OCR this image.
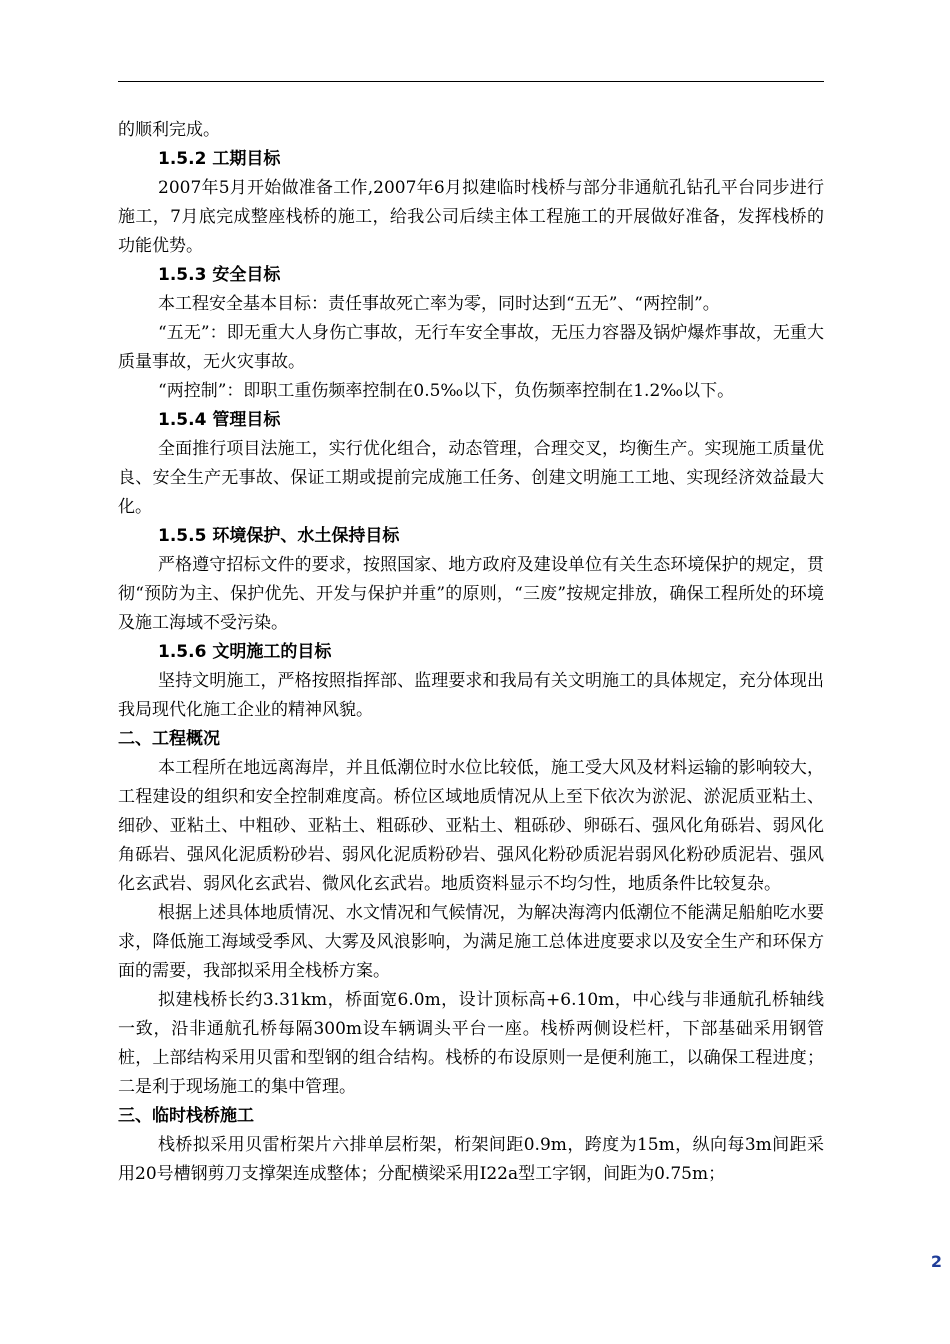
的顺利完成。
1.5.2 工期目标
2007年5月开始做准备工作,2007年6月拟建临时栈桥与部分非通航孔钻孔平台同步进行施工，7月底完成整座栈桥的施工，给我公司后续主体工程施工的开展做好准备，发挥栈桥的功能优势。
1.5.3 安全目标
本工程安全基本目标：责任事故死亡率为零，同时达到“五无”、“两控制”。
“五无”：即无重大人身伤亡事故，无行车安全事故，无压力容器及锅炉爆炸事故，无重大质量事故，无火灾事故。
“两控制”：即职工重伤频率控制在0.5‰以下，负伤频率控制在1.2‰以下。
1.5.4 管理目标
全面推行项目法施工，实行优化组合，动态管理，合理交叉，均衡生产。实现施工质量优良、安全生产无事故、保证工期或提前完成施工任务、创建文明施工工地、实现经济效益最大化。
1.5.5 环境保护、水土保持目标
严格遵守招标文件的要求，按照国家、地方政府及建设单位有关生态环境保护的规定，贯彻“预防为主、保护优先、开发与保护并重”的原则，“三废”按规定排放，确保工程所处的环境及施工海域不受污染。
1.5.6 文明施工的目标
坚持文明施工，严格按照指挥部、监理要求和我局有关文明施工的具体规定，充分体现出我局现代化施工企业的精神风貌。
二、工程概况
本工程所在地远离海岸，并且低潮位时水位比较低，施工受大风及材料运输的影响较大，工程建设的组织和安全控制难度高。桥位区域地质情况从上至下依次为淤泥、淤泥质亚粘土、细砂、亚粘土、中粗砂、亚粘土、粗砾砂、亚粘土、粗砾砂、卵砾石、强风化角砾岩、弱风化角砾岩、强风化泥质粉砂岩、弱风化泥质粉砂岩、强风化粉砂质泥岩弱风化粉砂质泥岩、强风化玄武岩、弱风化玄武岩、微风化玄武岩。地质资料显示不均匀性，地质条件比较复杂。
根据上述具体地质情况、水文情况和气候情况，为解决海湾内低潮位不能满足船舶吃水要求，降低施工海域受季风、大雾及风浪影响，为满足施工总体进度要求以及安全生产和环保方面的需要，我部拟采用全栈桥方案。
拟建栈桥长约3.31km，桥面宽6.0m，设计顶标高+6.10m，中心线与非通航孔桥轴线一致，沿非通航孔桥每隔300m设车辆调头平台一座。栈桥两侧设栏杆，下部基础采用钢管桩，上部结构采用贝雷和型钢的组合结构。栈桥的布设原则一是便利施工，以确保工程进度；二是利于现场施工的集中管理。
三、临时栈桥施工
栈桥拟采用贝雷桁架片六排单层桁架，桁架间距0.9m，跨度为15m，纵向每3m间距采用20号槽钢剪刀支撑架连成整体；分配横梁采用I22a型工字钢，间距为0.75m；
2
